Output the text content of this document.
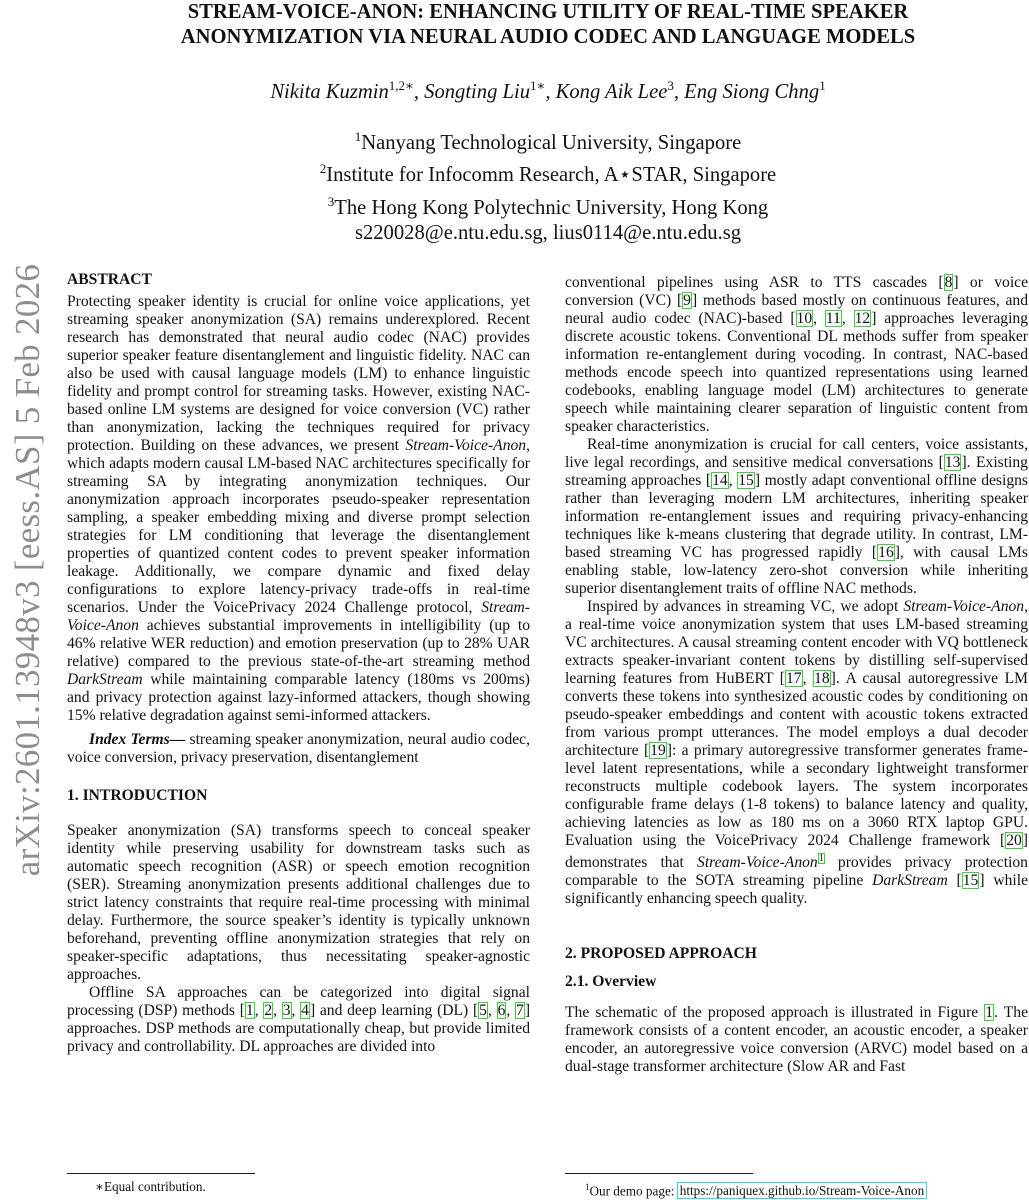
STREAM-VOICE-ANON: ENHANCING UTILITY OF REAL-TIME SPEAKER
ANONYMIZATION VIA NEURAL AUDIO CODEC AND LANGUAGE MODELS
Nikita Kuzmin$^{1,2∗}$, Songting Liu$^{1∗}$, Kong Aik Lee$^3$, Eng Siong Chng$^1$
$^1$Nanyang Technological University, Singapore
$^2$Institute for Infocomm Research, A⋆STAR, Singapore
$^3$The Hong Kong Polytechnic University, Hong Kong
s220028@e.ntu.edu.sg, lius0114@e.ntu.edu.sg
arXiv:2601.13948v3 [eess.AS] 5 Feb 2026 ABSTRACT

Protecting speaker identity is crucial for online voice applications, yet streaming speaker anonymization (SA) remains underexplored. Recent research has demonstrated that neural audio codec (NAC) provides superior speaker feature disentanglement and linguistic fidelity. NAC can also be used with causal language models (LM) to enhance linguistic fidelity and prompt control for streaming tasks. However, existing NAC-based online LM systems are designed for voice conversion (VC) rather than anonymization, lacking the techniques required for privacy protection. Building on these advances, we present Stream-Voice-Anon, which adapts modern causal LM-based NAC architectures specifically for streaming SA by integrating anonymization techniques. Our anonymization approach incorporates pseudo-speaker representation sampling, a speaker embedding mixing and diverse prompt selection strategies for LM conditioning that leverage the disentanglement properties of quantized content codes to prevent speaker information leakage. Additionally, we compare dynamic and fixed delay configurations to explore latency-privacy trade-offs in real-time scenarios. Under the VoicePrivacy 2024 Challenge protocol, Stream-Voice-Anon achieves substantial improvements in intelligibility (up to 46% relative WER reduction) and emotion preservation (up to 28% UAR relative) compared to the previous state-of-the-art streaming method DarkStream while maintaining comparable latency (180ms vs 200ms) and privacy protection against lazy-informed attackers, though showing 15% relative degradation against semi-informed attackers.

Index Terms— streaming speaker anonymization, neural audio codec, voice conversion, privacy preservation, disentanglement

1. INTRODUCTION

Speaker anonymization (SA) transforms speech to conceal speaker identity while preserving usability for downstream tasks such as automatic speech recognition (ASR) or speech emotion recognition (SER). Streaming anonymization presents additional challenges due to strict latency constraints that require real-time processing with minimal delay. Furthermore, the source speaker’s identity is typically unknown beforehand, preventing offline anonymization strategies that rely on speaker-specific adaptations, thus necessitating speaker-agnostic approaches.

Offline SA approaches can be categorized into digital signal processing (DSP) methods [1, 2, 3, 4] and deep learning (DL) [5, 6, 7] approaches. DSP methods are computationally cheap, but provide limited privacy and controllability. DL approaches are divided into

∗Equal contribution.

conventional pipelines using ASR to TTS cascades [8] or voice conversion (VC) [9] methods based mostly on continuous features, and neural audio codec (NAC)-based [10, 11, 12] approaches leveraging discrete acoustic tokens. Conventional DL methods suffer from speaker information re-entanglement during vocoding. In contrast, NAC-based methods encode speech into quantized representations using learned codebooks, enabling language model (LM) architectures to generate speech while maintaining clearer separation of linguistic content from speaker characteristics.

Real-time anonymization is crucial for call centers, voice assistants, live legal recordings, and sensitive medical conversations [13]. Existing streaming approaches [14, 15] mostly adapt conventional offline designs rather than leveraging modern LM architectures, inheriting speaker information re-entanglement issues and requiring privacy-enhancing techniques like k-means clustering that degrade utility. In contrast, LM-based streaming VC has progressed rapidly [16], with causal LMs enabling stable, low-latency zero-shot conversion while inheriting superior disentanglement traits of offline NAC methods.

Inspired by advances in streaming VC, we adopt Stream-Voice-Anon, a real-time voice anonymization system that uses LM-based streaming VC architectures. A causal streaming content encoder with VQ bottleneck extracts speaker-invariant content tokens by distilling self-supervised learning features from HuBERT [17, 18]. A causal autoregressive LM converts these tokens into synthesized acoustic codes by conditioning on pseudo-speaker embeddings and content with acoustic tokens extracted from various prompt utterances. The model employs a dual decoder architecture [19]: a primary autoregressive transformer generates frame-level latent representations, while a secondary lightweight transformer reconstructs multiple codebook layers. The system incorporates configurable frame delays (1-8 tokens) to balance latency and quality, achieving latencies as low as 180 ms on a 3060 RTX laptop GPU. Evaluation using the VoicePrivacy 2024 Challenge framework [20] demonstrates that Stream-Voice-Anon$^1$ provides privacy protection comparable to the SOTA streaming pipeline DarkStream [15] while significantly enhancing speech quality.

2. PROPOSED APPROACH

2.1. Overview

The schematic of the proposed approach is illustrated in Figure 1. The framework consists of a content encoder, an acoustic encoder, a speaker encoder, an autoregressive voice conversion (ARVC) model based on a dual-stage transformer architecture (Slow AR and Fast

$^1$Our demo page: https://paniquex.github.io/Stream-Voice-Anon
